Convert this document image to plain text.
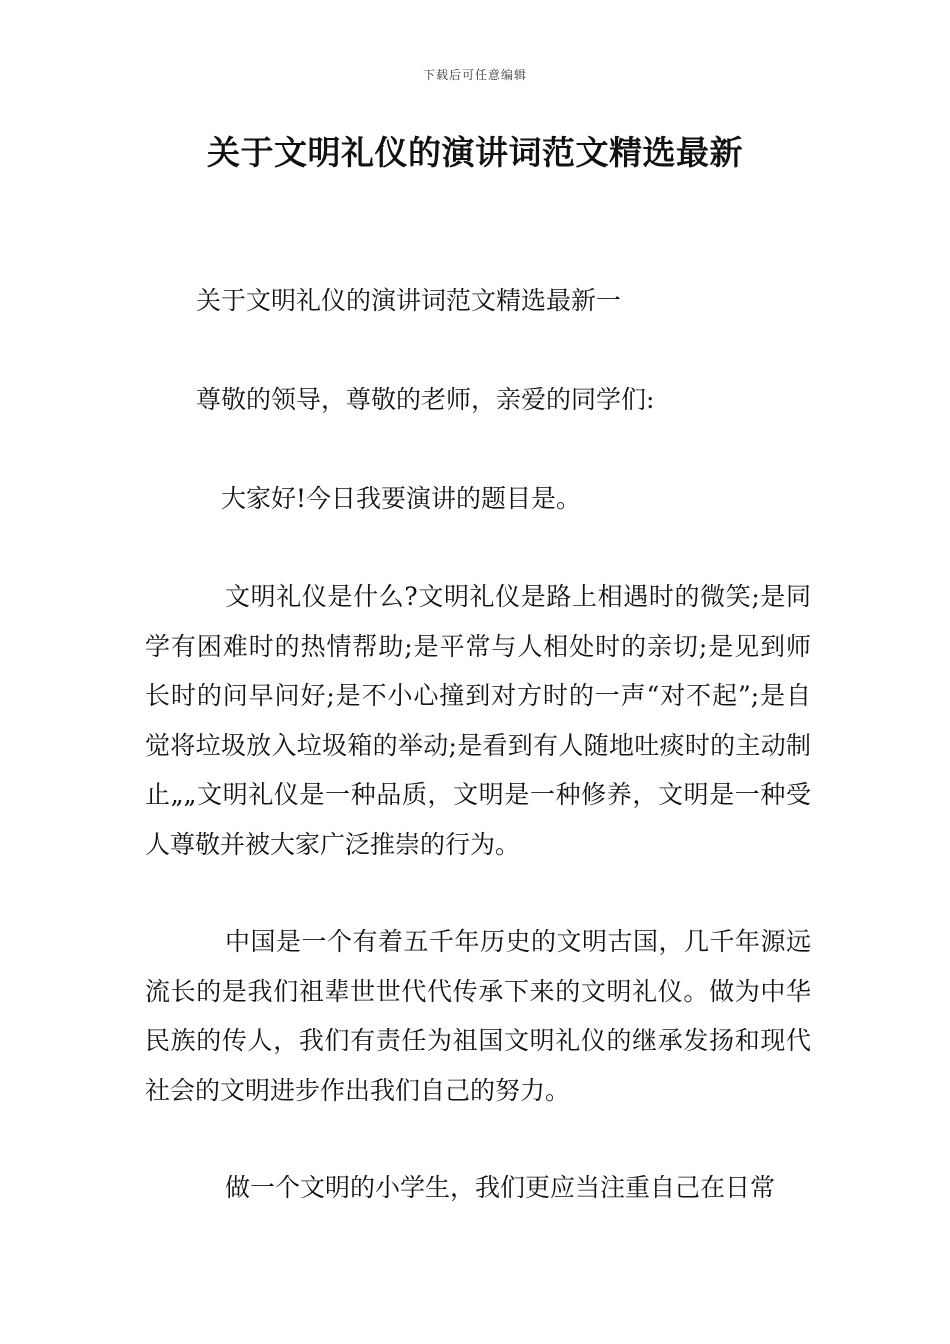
下载后可任意编辑
关于文明礼仪的演讲词范文精选最新

关于文明礼仪的演讲词范文精选最新一

尊敬的领导，尊敬的老师，亲爱的同学们:

大家好!今日我要演讲的题目是。

文明礼仪是什么?文明礼仪是路上相遇时的微笑;是同学有困难时的热情帮助;是平常与人相处时的亲切;是见到师长时的问早问好;是不小心撞到对方时的一声“对不起”;是自觉将垃圾放入垃圾箱的举动;是看到有人随地吐痰时的主动制止„„文明礼仪是一种品质，文明是一种修养，文明是一种受人尊敬并被大家广泛推崇的行为。

中国是一个有着五千年历史的文明古国，几千年源远流长的是我们祖辈世世代代传承下来的文明礼仪。做为中华民族的传人，我们有责任为祖国文明礼仪的继承发扬和现代社会的文明进步作出我们自己的努力。

做一个文明的小学生，我们更应当注重自己在日常
